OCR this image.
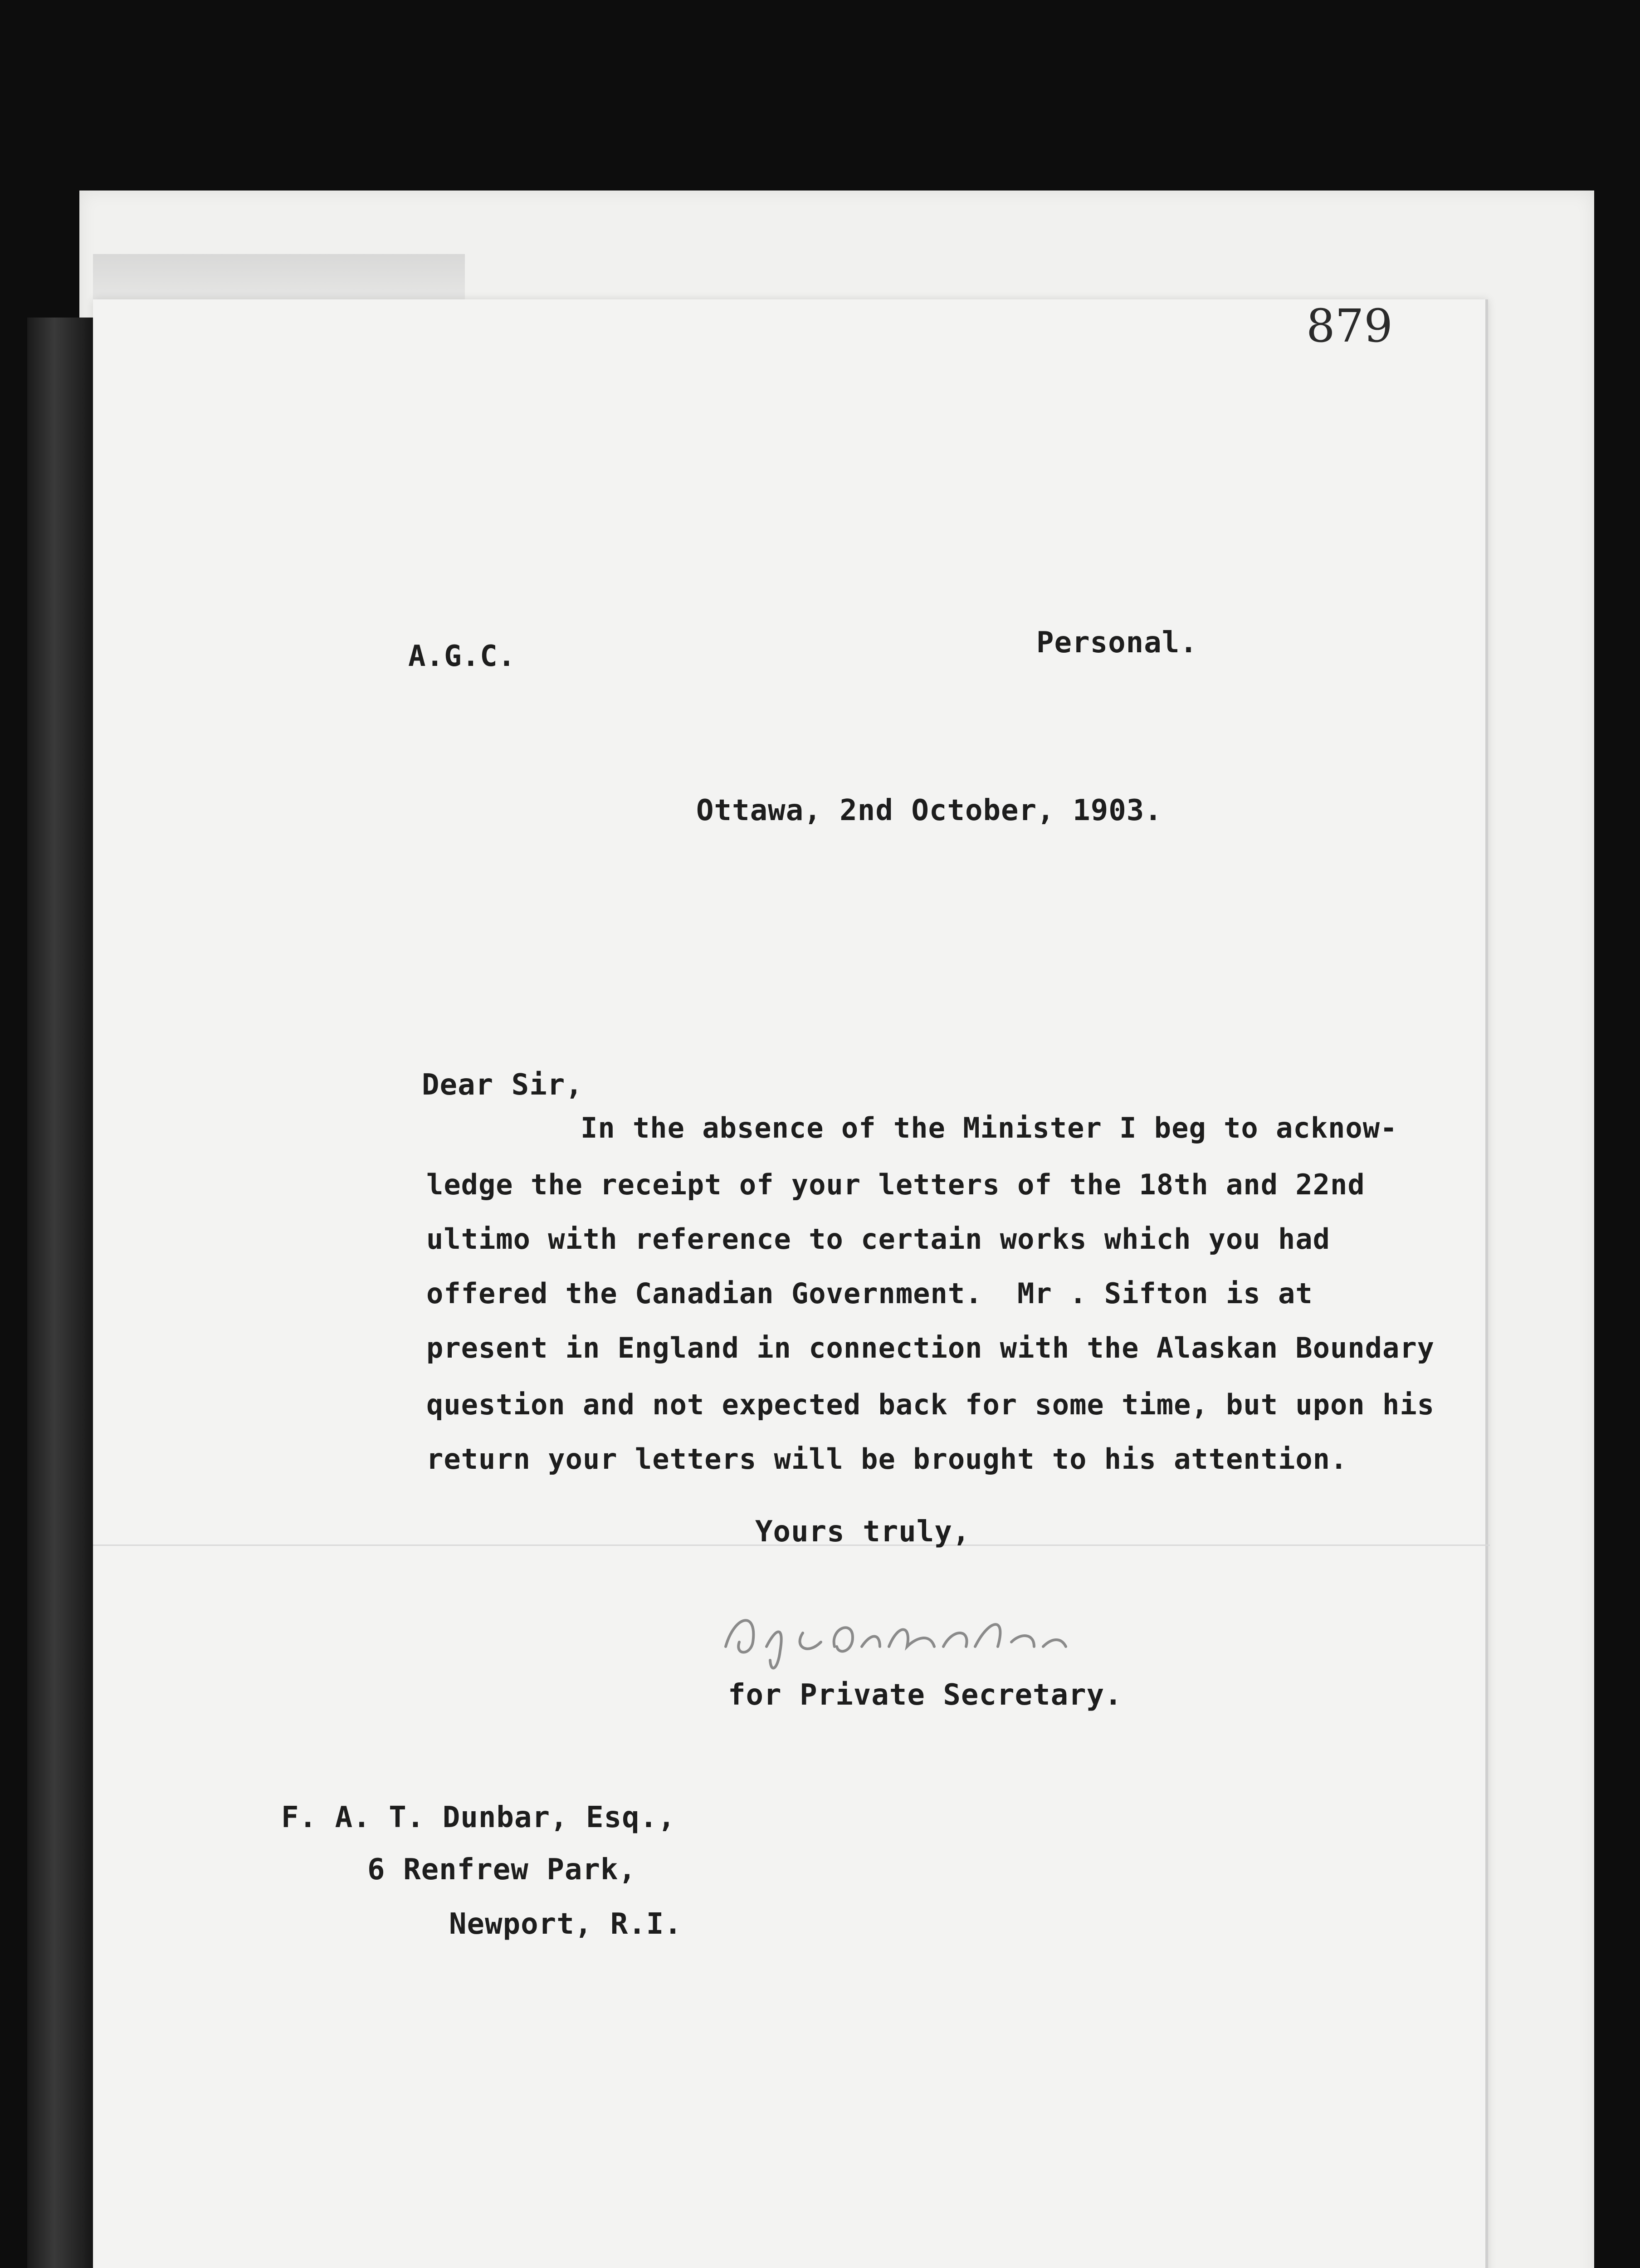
879
A.G.C.	Personal.
Ottawa, 2nd October, 1903.
Dear Sir,
In the absence of the Minister I beg to acknow-
ledge the receipt of your letters of the 18th and 22nd
ultimo with reference to certain works which you had
offered the Canadian Government.  Mr . Sifton is at
present in England in connection with the Alaskan Boundary
question and not expected back for some time, but upon his
return your letters will be brought to his attention.
Yours truly,
for Private Secretary.
F. A. T. Dunbar, Esq.,
6 Renfrew Park,
Newport, R.I.
